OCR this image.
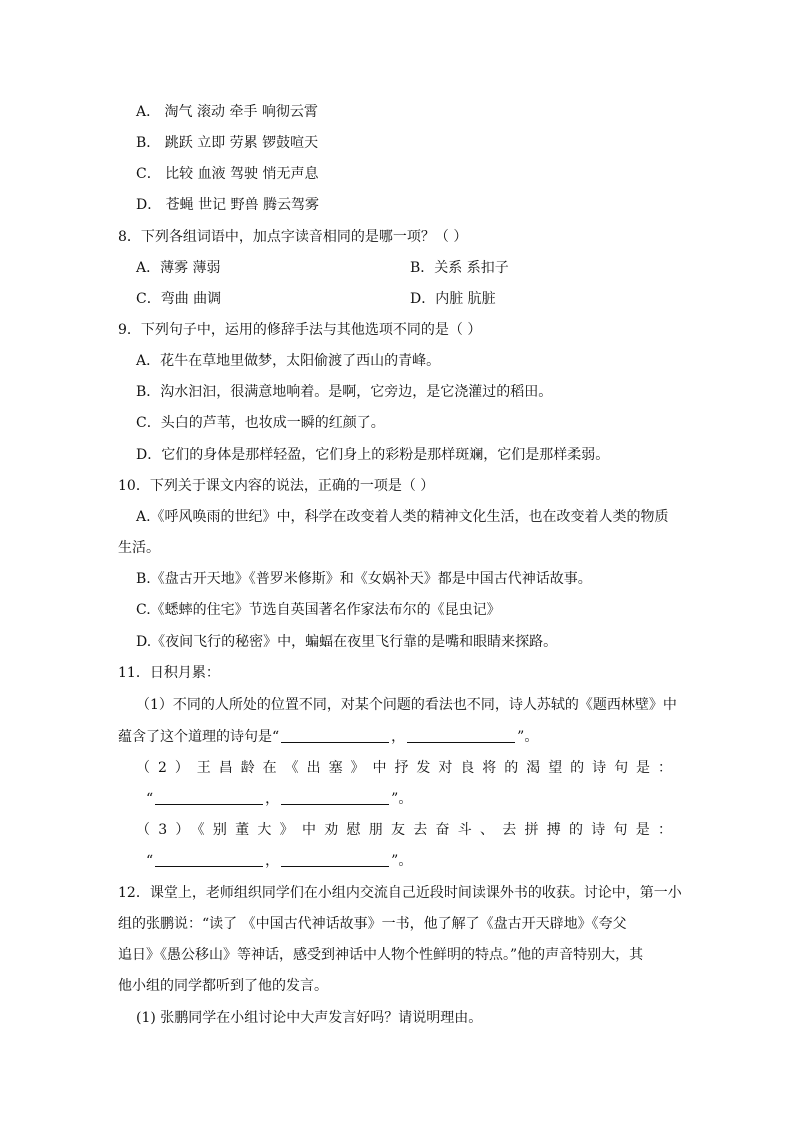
A． 淘气 滚动 牵手 响彻云霄
B． 跳跃 立即 劳累 锣鼓喧天
C． 比较 血液 驾驶 悄无声息
D． 苍蝇 世记 野兽 腾云驾雾
8．下列各组词语中，加点字读音相同的是哪一项？（ ）
A．薄雾 薄弱	B．关系 系扣子
C．弯曲 曲调	D．内脏 肮脏
9．下列句子中，运用的修辞手法与其他选项不同的是（ ）
A．花牛在草地里做梦，太阳偷渡了西山的青峰。
B．沟水汩汩，很满意地响着。是啊，它旁边，是它浇灌过的稻田。
C．头白的芦苇，也妆成一瞬的红颜了。
D．它们的身体是那样轻盈，它们身上的彩粉是那样斑斓，它们是那样柔弱。
10．下列关于课文内容的说法，正确的一项是（ ）
A.《呼风唤雨的世纪》中，科学在改变着人类的精神文化生活，也在改变着人类的物质
生活。
B.《盘古开天地》《普罗米修斯》和《女娲补天》都是中国古代神话故事。
C.《蟋蟀的住宅》节选自英国著名作家法布尔的《昆虫记》
D.《夜间飞行的秘密》中，蝙蝠在夜里飞行靠的是嘴和眼睛来探路。
11．日积月累：
（1）不同的人所处的位置不同，对某个问题的看法也不同，诗人苏轼的《题西林壁》中
蕴含了这个道理的诗句是“	，	”。
（2）王昌龄在《出塞》中抒发对良将的渴望的诗句是：
“	，	”。
（3）《别董大》中劝慰朋友去奋斗、去拼搏的诗句是：
“	，	”。
12．课堂上，老师组织同学们在小组内交流自己近段时间读课外书的收获。讨论中，第一小
组的张鹏说：“读了 《中国古代神话故事》一书，他了解了《盘古开天辟地》《夸父
追日》《愚公移山》等神话，感受到神话中人物个性鲜明的特点。”他的声音特别大，其
他小组的同学都听到了他的发言。
(1) 张鹏同学在小组讨论中大声发言好吗？请说明理由。
